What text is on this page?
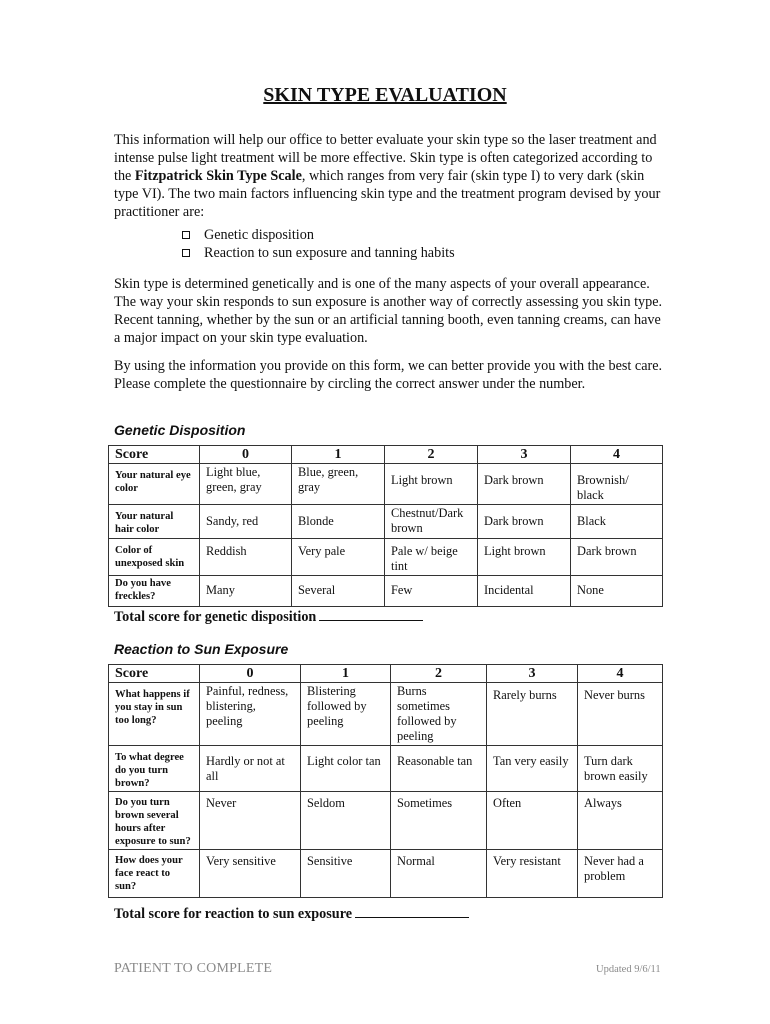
SKIN TYPE EVALUATION

This information will help our office to better evaluate your skin type so the laser treatment and intense pulse light treatment will be more effective. Skin type is often categorized according to the Fitzpatrick Skin Type Scale, which ranges from very fair (skin type I) to very dark (skin type VI). The two main factors influencing skin type and the treatment program devised by your practitioner are:

Genetic disposition
Reaction to sun exposure and tanning habits

Skin type is determined genetically and is one of the many aspects of your overall appearance. The way your skin responds to sun exposure is another way of correctly assessing you skin type. Recent tanning, whether by the sun or an artificial tanning booth, even tanning creams, can have a major impact on your skin type evaluation.

By using the information you provide on this form, we can better provide you with the best care. Please complete the questionnaire by circling the correct answer under the number.

Genetic Disposition
Score	0	1	2	3	4
Your natural eye color	Light blue, green, gray	Blue, green, gray	Light brown	Dark brown	Brownish/ black
Your natural hair color	Sandy, red	Blonde	Chestnut/Dark brown	Dark brown	Black
Color of unexposed skin	Reddish	Very pale	Pale w/ beige tint	Light brown	Dark brown
Do you have freckles?	Many	Several	Few	Incidental	None
Total score for genetic disposition
Reaction to Sun Exposure
Score	0	1	2	3	4
What happens if you stay in sun too long?	Painful, redness, blistering, peeling	Blistering followed by peeling	Burns sometimes followed by peeling	Rarely burns	Never burns
To what degree do you turn brown?	Hardly or not at all	Light color tan	Reasonable tan	Tan very easily	Turn dark brown easily
Do you turn brown several hours after exposure to sun?	Never	Seldom	Sometimes	Often	Always
How does your face react to sun?	Very sensitive	Sensitive	Normal	Very resistant	Never had a problem
Total score for reaction to sun exposure
PATIENT TO COMPLETE	Updated 9/6/11
